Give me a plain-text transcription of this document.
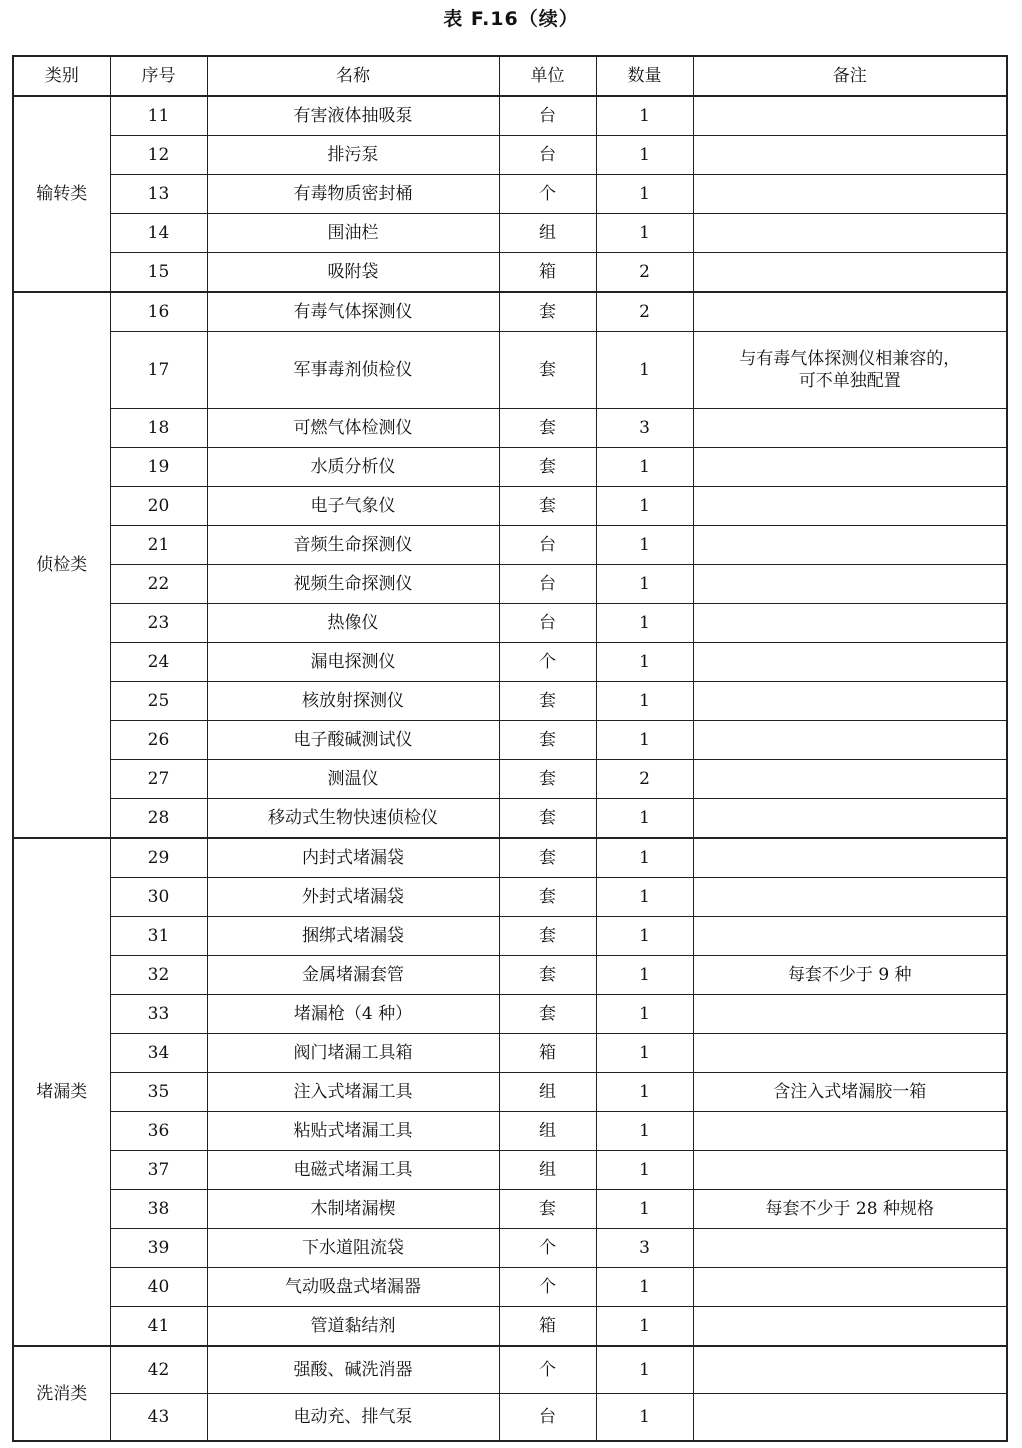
表 F.16（续）
类别	序号	名称	单位	数量	备注
输转类	11	有害液体抽吸泵	台	1	
	12	排污泵	台	1	
	13	有毒物质密封桶	个	1	
	14	围油栏	组	1	
	15	吸附袋	箱	2	
侦检类	16	有毒气体探测仪	套	2	
	17	军事毒剂侦检仪	套	1	与有毒气体探测仪相兼容的，
可不单独配置
	18	可燃气体检测仪	套	3	
	19	水质分析仪	套	1	
	20	电子气象仪	套	1	
	21	音频生命探测仪	台	1	
	22	视频生命探测仪	台	1	
	23	热像仪	台	1	
	24	漏电探测仪	个	1	
	25	核放射探测仪	套	1	
	26	电子酸碱测试仪	套	1	
	27	测温仪	套	2	
	28	移动式生物快速侦检仪	套	1	
堵漏类	29	内封式堵漏袋	套	1	
	30	外封式堵漏袋	套	1	
	31	捆绑式堵漏袋	套	1	
	32	金属堵漏套管	套	1	每套不少于 9 种
	33	堵漏枪（4 种）	套	1	
	34	阀门堵漏工具箱	箱	1	
	35	注入式堵漏工具	组	1	含注入式堵漏胶一箱
	36	粘贴式堵漏工具	组	1	
	37	电磁式堵漏工具	组	1	
	38	木制堵漏楔	套	1	每套不少于 28 种规格
	39	下水道阻流袋	个	3	
	40	气动吸盘式堵漏器	个	1	
	41	管道黏结剂	箱	1	
洗消类	42	强酸、碱洗消器	个	1	
	43	电动充、排气泵	台	1	
